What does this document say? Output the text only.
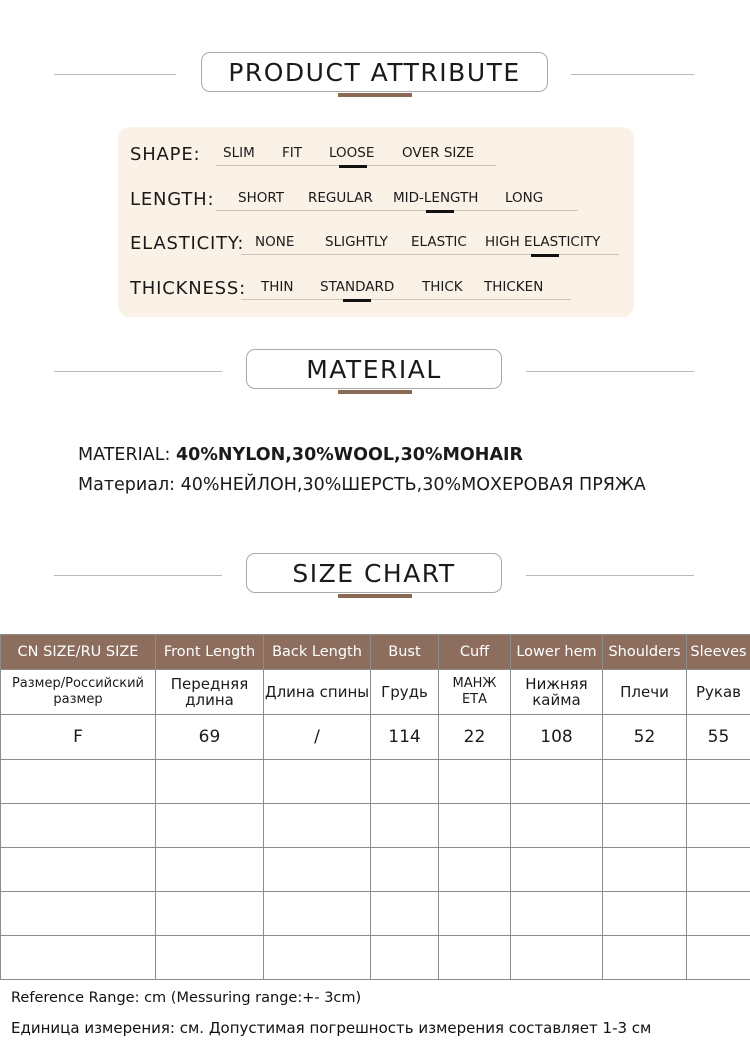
PRODUCT ATTRIBUTE
SHAPE: SLIM FIT LOOSE OVER SIZE
LENGTH: SHORT REGULAR MID-LENGTH LONG
ELASTICITY: NONE SLIGHTLY ELASTIC HIGH ELASTICITY
THICKNESS: THIN STANDARD THICK THICKEN
MATERIAL
MATERIAL: 40%NYLON,30%WOOL,30%MOHAIR
Материал: 40%НЕЙЛОН,30%ШЕРСТЬ,30%МОХЕРОВАЯ ПРЯЖА
SIZE CHART
CN SIZE/RU SIZE	Front Length	Back Length	Bust	Cuff	Lower hem	Shoulders	Sleeves
Размер/Российский размер	Передняя длина	Длина спины	Грудь	МАНЖ ЕТА	Нижняя кайма	Плечи	Рукав
F	69	/	114	22	108	52	55

Reference Range: cm (Messuring range:+- 3cm)
Единица измерения: см. Допустимая погрешность измерения составляет 1-3 см
